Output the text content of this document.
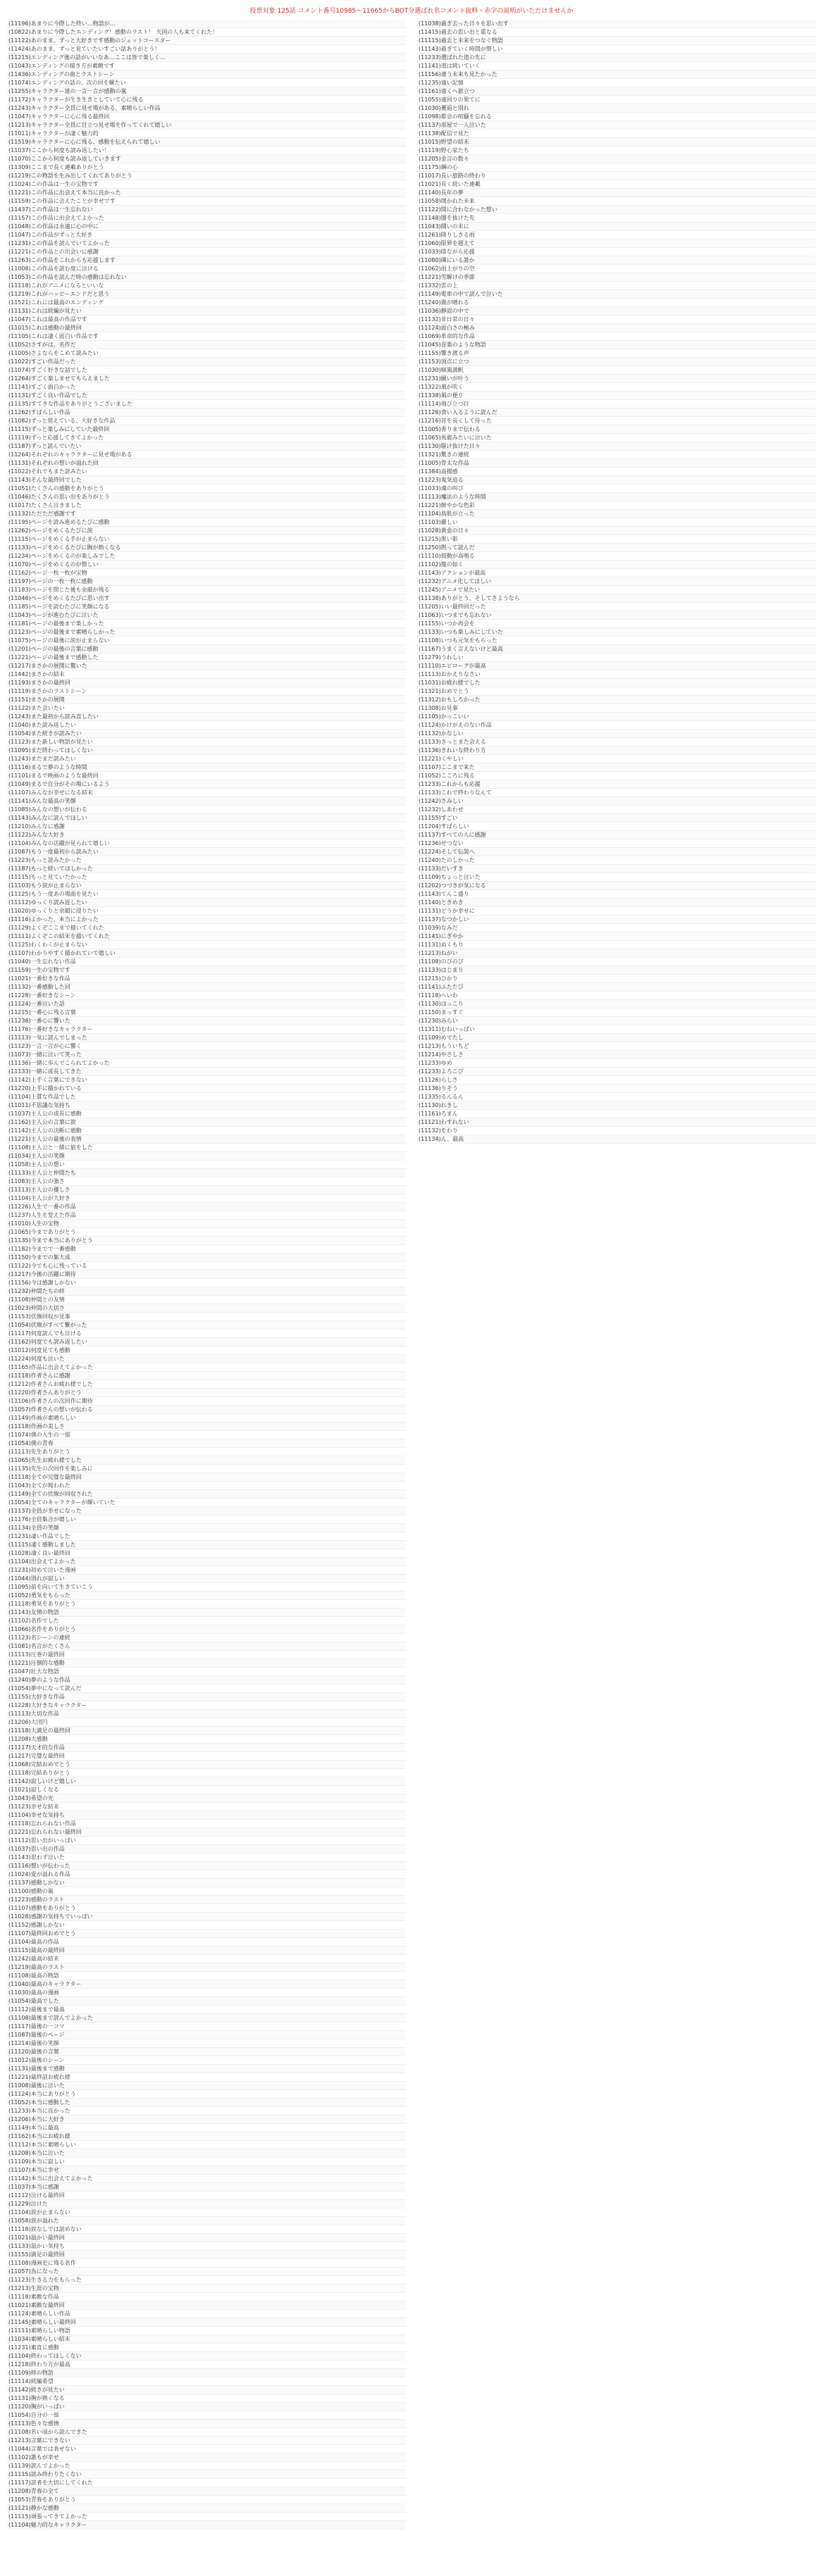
投票対象 125話 コメント番号10985〜11665からBOT分選ばれ名コメント抜粋・赤字の説明がいただけませんか
(11196)あまりに今際した終い…物語が…
(10822)あまりに今際したエンディング！感動のラスト！ 天国の人も来てくれた！
(11122)あのまま、ずっと大好きです感動のジェットコースター
(11424)あのまま、ずっと見ていたいすごい話ありがとう！
(11215)エンディング後の話がいいなあ…ここは皆で楽しく…
(11043)エンディングの描き方が素敵です
(11436)エンディングの曲とラストシーン
(11074)エンディングの話の、次の回を観たい
(11255)キャラクター達の一言一言が感動の嵐
(11172)キャラクターが生き生きとしていて心に残る
(11243)キャラクター全員に見せ場がある、素晴らしい作品
(11047)キャラクターに心に残る最終回
(11213)キャラクター全員に目立つ見せ場を作ってくれて嬉しい
(11011)キャラクターが凄く魅力的
(11519)キャラクターに心に残る、感動を伝えられて嬉しい
(11037)ここから何度も読み返したい！
(11070)ここから何度も読み返していきます
(11309)ここまで長く連載ありがとう
(11219)この物語を生み出してくれてありがとう
(11024)この作品は一生の宝物です
(11221)この作品に出会えて本当に良かった
(11159)この作品に会えたことが幸せです
(11437)この作品は一生忘れない
(11157)この作品に出会えてよかった
(11048)この作品は永遠に心の中に
(11047)この作品がずっと大好き
(11231)この作品を読んでいてよかった
(11221)この作品との出会いに感謝
(11263)この作品をこれからも応援します
(11008)この作品を読む度に泣ける
(11053)この作品を読んだ時の感動は忘れない
(11118)これがアニメになるといいな
(11219)これがハッピーエンドだと思う
(11521)これには最高のエンディング
(11131)これは続編が見たい
(11047)これは最高の作品です
(11015)これは感動の最終回
(11105)これは凄く面白い作品です
(11052)さすがは、名作だ
(11005)さよならをこめて読みたい
(11022)すごい作品だった
(11074)すごく好きな話でした
(11264)すごく楽しませてもらえました
(11141)すごく面白かった
(11131)すごく良い作品でした
(11135)すてきな作品をありがとうございました
(11262)すばらしい作品
(11082)ずっと覚えている、大好きな作品
(11115)ずっと楽しみにしていた最終回
(11119)ずっと応援してきてよかった
(11187)ずっと読んでいたい
(11264)それぞれのキャラクターに見せ場がある
(11131)それぞれの想いが溢れた回
(11022)それでもまた読みたい
(11143)そんな最終回でした
(11051)たくさんの感動をありがとう
(11046)たくさんの思い出をありがとう
(11017)たくさん泣きました
(11132)ただただ感謝です
(11195)ページを読み進めるたびに感動
(11262)ページをめくるたびに涙
(11115)ページをめくる手が止まらない
(11133)ページをめくるたびに胸が熱くなる
(11234)ページをめくるのが楽しみでした
(11070)ページをめくるのが惜しい
(11162)ページ一枚一枚が宝物
(11197)ページの一枚一枚に感動
(11183)ページを閉じた後も余韻が残る
(11046)ページをめくるたびに思い出す
(11185)ページを読むたびに笑顔になる
(11043)ページが進むたびに泣いた
(11181)ページの最後まで楽しかった
(11123)ページの最後まで素晴らしかった
(11075)ページの最後に涙が止まらない
(11201)ページの最後の言葉に感動
(11221)ページの最後まで感動した
(11217)まさかの展開に驚いた
(11442)まさかの結末
(11193)まさかの最終回
(11119)まさかのラストシーン
(11151)まさかの展開
(11122)また会いたい
(11243)また最初から読み直したい
(11040)また読み返したい
(11054)また続きが読みたい
(11123)また新しい物語が見たい
(11095)まだ終わってほしくない
(11243)まだまだ読みたい
(11116)まるで夢のような時間
(11101)まるで映画のような最終回
(11049)まるで自分がその場にいるよう
(11107)みんなが幸せになる結末
(11141)みんな最高の笑顔
(11085)みんなの想いが伝わる
(11143)みんなに読んでほしい
(11210)みんなに感謝
(11122)みんな大好き
(11104)みんなの活躍が見られて嬉しい
(11087)もう一度最初から読みたい
(11223)もっと読みたかった
(11187)もっと続いてほしかった
(11115)もっと見ていたかった
(11103)もう涙が止まらない
(11125)もう一度あの場面を見たい
(11112)ゆっくり読み返したい
(11020)ゆっくりと余韻に浸りたい
(11116)よかった、本当によかった
(11129)よくぞここまで描いてくれた
(11111)よくぞこの結末を描いてくれた
(11125)わくわくが止まらない
(11107)わかりやすく描かれていて嬉しい
(11040)一生忘れない作品
(11159)一生の宝物です
(11021)一番好きな作品
(11132)一番感動した回
(11228)一番好きなシーン
(11124)一番泣いた話
(11215)一番心に残る言葉
(11236)一番心に響いた
(11176)一番好きなキャラクター
(11113)一気に読んでしまった
(11123)一言一言が心に響く
(11073)一緒に泣いて笑った
(11136)一緒に歩んでこられてよかった
(11133)一緒に成長してきた
(11142)上手く言葉にできない
(11220)上手に描かれている
(11104)上質な作品でした
(11011)不思議な気持ち
(11037)主人公の成長に感動
(11162)主人公の言葉に涙
(11142)主人公の決断に感動
(11221)主人公の最後の表情
(11108)主人公と一緒に旅をした
(11034)主人公の笑顔
(11058)主人公の想い
(11133)主人公と仲間たち
(11083)主人公の強さ
(11113)主人公の優しさ
(11104)主人公が大好き
(11226)人生で一番の作品
(11237)人生を変えた作品
(11010)人生の宝物
(11065)今までありがとう
(11135)今まで本当にありがとう
(11182)今までで一番感動
(11150)今までの集大成
(11122)今でも心に残っている
(11217)今後の活躍に期待
(11156)今は感謝しかない
(11232)仲間たちの絆
(11108)仲間との友情
(11023)仲間の大切さ
(11153)伏線回収が見事
(11054)伏線がすべて繋がった
(11117)何度読んでも泣ける
(11162)何度でも読み返したい
(11012)何度見ても感動
(11224)何度も泣いた
(11165)作品に出会えてよかった
(11118)作者さんに感謝
(11212)作者さんお疲れ様でした
(11220)作者さんありがとう
(11106)作者さんの次回作に期待
(11057)作者さんの想いが伝わる
(11149)作画が素晴らしい
(11118)作画の美しさ
(11074)僕の人生の一部
(11054)僕の青春
(11113)先生ありがとう
(11065)先生お疲れ様でした
(11135)先生の次回作を楽しみに
(11118)全てが完璧な最終回
(11043)全てが報われた
(11149)全ての伏線が回収された
(11054)全てのキャラクターが輝いていた
(11137)全員が幸せになった
(11176)全員集合が嬉しい
(11134)全員の笑顔
(11231)凄い作品でした
(11115)凄く感動しました
(11028)凄く良い最終回
(11104)出会えてよかった
(11231)初めて泣いた漫画
(11044)別れが寂しい
(11095)前を向いて生きていこう
(11052)勇気をもらった
(11118)勇気をありがとう
(11143)友情の物語
(11102)名作でした
(11066)名作をありがとう
(11123)名シーンの連続
(11081)名言がたくさん
(11113)圧巻の最終回
(11221)圧倒的な感動
(11047)壮大な物語
(11240)夢のような作品
(11054)夢中になって読んだ
(11155)大好きな作品
(11228)大好きなキャラクター
(11113)大切な作品
(11206)大団円
(11118)大満足の最終回
(11208)大感動
(11117)天才的な作品
(11217)完璧な最終回
(11068)完結おめでとう
(11118)完結ありがとう
(11142)寂しいけど嬉しい
(11021)寂しくなる
(11043)希望の光
(11123)幸せな結末
(11104)幸せな気持ち
(11118)忘れられない作品
(11221)忘れられない最終回
(11112)思い出がいっぱい
(11037)思い出の作品
(11143)思わず泣いた
(11116)想いが伝わった
(11024)愛が溢れる作品
(11137)感動しかない
(11100)感動の嵐
(11223)感動のラスト
(11107)感動をありがとう
(11028)感謝の気持ちでいっぱい
(11152)感謝しかない
(11107)最終回おめでとう
(11104)最高の作品
(11115)最高の最終回
(11242)最高の結末
(11219)最高のラスト
(11108)最高の物語
(11040)最高のキャラクター
(11030)最高の漫画
(11054)最高でした
(11112)最後まで最高
(11108)最後まで読んでよかった
(11117)最後の一コマ
(11087)最後のページ
(11214)最後の笑顔
(11120)最後の言葉
(11012)最後のシーン
(11131)最後まで感動
(11221)最終話お疲れ様
(11008)最後に泣いた
(11124)本当にありがとう
(11052)本当に感動した
(11233)本当に良かった
(11206)本当に大好き
(11149)本当に最高
(11162)本当にお疲れ様
(11112)本当に素晴らしい
(11208)本当に泣いた
(11109)本当に寂しい
(11107)本当に幸せ
(11142)本当に出会えてよかった
(11037)本当に感謝
(11112)泣ける最終回
(11229)泣けた
(11104)涙が止まらない
(11058)涙が溢れた
(11118)涙なしでは読めない
(11021)温かい最終回
(11133)温かい気持ち
(11155)満足の最終回
(11108)漫画史に残る名作
(11057)為になった
(11123)生きる力をもらった
(11213)生涯の宝物
(11118)素敵な作品
(11021)素敵な最終回
(11124)素晴らしい作品
(11145)素晴らしい最終回
(11111)素晴らしい物語
(11034)素晴らしい結末
(11231)素直に感動
(11104)終わってほしくない
(11218)終わり方が最高
(11109)絆の物語
(11114)続編希望
(11142)続きが見たい
(11131)胸が熱くなる
(11120)胸がいっぱい
(11054)自分の一部
(11113)色々な感情
(11108)若い頃から読んできた
(11213)言葉にできない
(11044)言葉では表せない
(11102)誰もが幸せ
(11139)読んでよかった
(11115)読み終わりたくない
(11117)読者を大切にしてくれた
(11208)青春の全て
(11053)青春をありがとう
(11121)静かな感動
(11115)頑張ってきてよかった
(11104)魅力的なキャラクター
(11038)過ぎ去った日々を思い出す
(11415)過去の思い出と重なる
(11115)過去と未来をつなぐ物語
(11143)過ぎていく時間が惜しい
(11233)選ばれた道の先に
(11141)道は続いていく
(11156)違う未来も見たかった
(11235)遠い記憶
(11161)遠くへ旅立つ
(11055)遠回りの果てに
(11030)邂逅と別れ
(11098)都会の喧騒を忘れる
(11137)部屋で一人泣いた
(11138)配信で見た
(11015)野望の結末
(11119)野心家たち
(11205)金言の数々
(11175)鋼の心
(11017)長い旅路の終わり
(11021)長く続いた連載
(11140)長年の夢
(11058)開かれた未来
(11122)間に合わなかった想い
(11148)闇を抜けた先
(11043)闘いの末に
(11261)降りしきる雨
(11060)限界を超えて
(11033)陰ながら応援
(11080)隣にいる誰か
(11062)雨上がりの空
(11221)雪解けの季節
(11332)雲の上
(11149)電車の中で読んで泣いた
(11240)霧が晴れる
(11036)静寂の中で
(11132)非日常の日々
(11124)面白さの極み
(11069)革命的な作品
(11045)音楽のような物語
(11155)響き渡る声
(11153)頂点に立つ
(11030)順風満帆
(11231)願いが叶う
(11322)風が吹く
(11338)風の便り
(11114)飛び立つ日
(11126)食い入るように読んだ
(11216)首を長くして待った
(11005)香りまで伝わる
(11065)馬鹿みたいに泣いた
(11130)駆け抜けた日々
(11321)驚きの連続
(11005)骨太な作品
(11384)高揚感
(11223)鬼気迫る
(11033)魂の叫び
(11113)魔法のような時間
(11221)鮮やかな色彩
(11104)鳥肌が立った
(11103)麗しい
(11028)黄金の日々
(11215)黒い影
(11250)黙って読んだ
(11110)鼓動が高鳴る
(11102)龍の如く
(11143)アクションが最高
(11232)アニメ化してほしい
(11245)アニメで見たい
(11138)ありがとう、そしてさようなら
(11205)いい最終回だった
(11063)いつまでも忘れない
(11155)いつか再会を
(11133)いつも楽しみにしていた
(11108)いつも元気をもらった
(11167)うまく言えないけど最高
(11279)うれしい
(11110)エピローグが最高
(11113)おかえりなさい
(11031)お疲れ様でした
(11321)おめでとう
(11312)おもしろかった
(11308)お見事
(11105)かっこいい
(11124)かけがえのない作品
(11132)かなしい
(11133)きっとまた会える
(11136)きれいな終わり方
(11221)くやしい
(11107)ここまで来た
(11052)こころに残る
(11233)これからも応援
(11133)これで終わりなんて
(11242)さみしい
(11232)しあわせ
(11155)すごい
(11204)すばらしい
(11137)すべての人に感謝
(11236)せつない
(11224)そして伝説へ
(11240)たのしかった
(11133)だいすき
(11109)ちょっと泣いた
(11202)つづきが気になる
(11143)てんこ盛り
(11140)ときめき
(11131)どうか幸せに
(11137)なつかしい
(11039)なみだ
(11141)にぎやか
(11131)ぬくもり
(11213)ねがい
(11108)のびのび
(11133)はじまり
(11215)ひかり
(11141)ふたたび
(11118)へいわ
(11130)ほっこり
(11150)まっすぐ
(11230)みらい
(11311)むねいっぱい
(11109)めでたし
(11213)もういちど
(11214)やさしさ
(11233)ゆめ
(11233)よろこび
(11126)らしさ
(11136)りそう
(11335)るんるん
(11130)れきし
(11161)ろまん
(11121)わすれない
(11132)をわり
(11134)ん、最高
